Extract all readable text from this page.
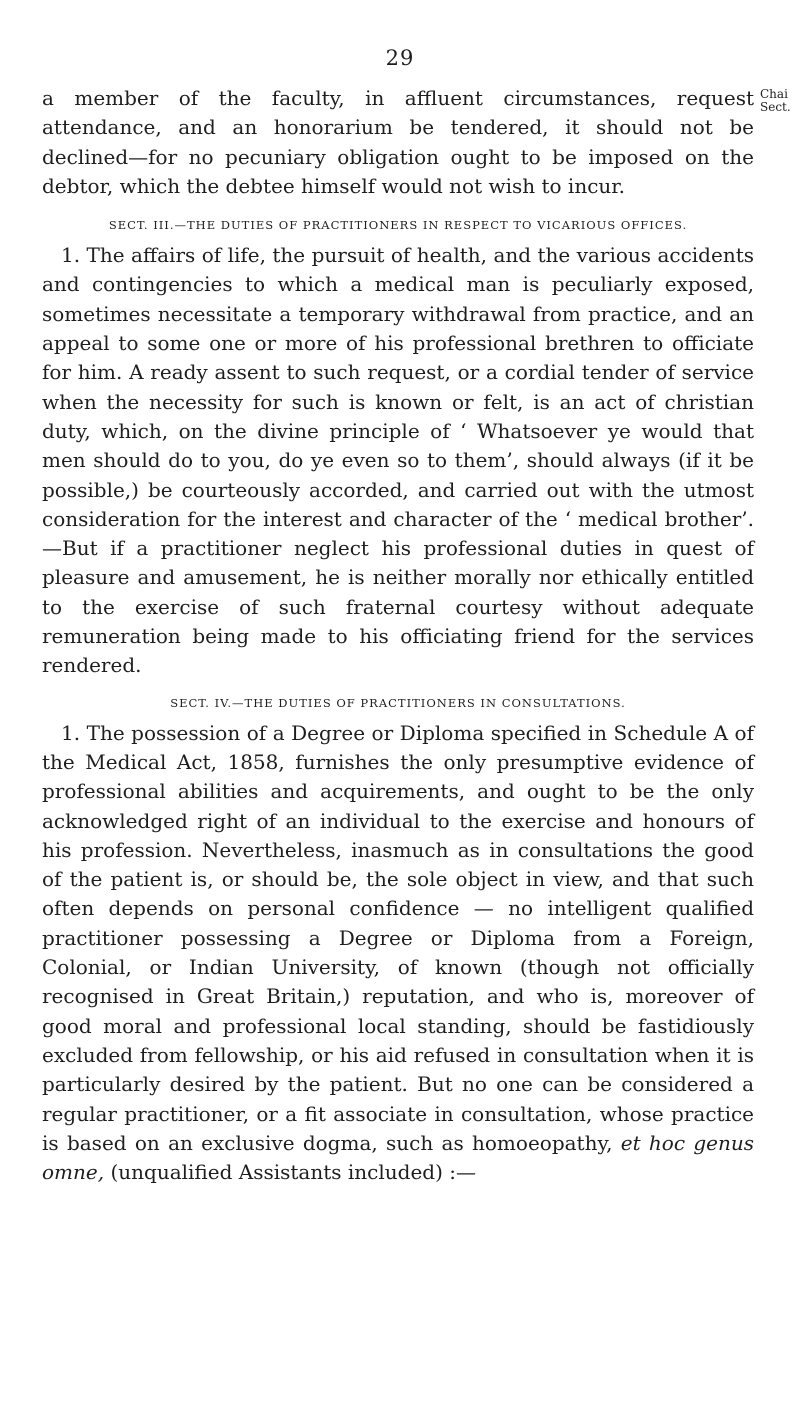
29
Chai
Sect.

a member of the faculty, in affluent circumstances, request attendance, and an honorarium be tendered, it should not be declined—for no pecuniary obligation ought to be imposed on the debtor, which the debtee himself would not wish to incur.

SECT. III.—THE DUTIES OF PRACTITIONERS IN RESPECT TO VICARIOUS OFFICES.

1. The affairs of life, the pursuit of health, and the various accidents and contingencies to which a medical man is peculiarly exposed, sometimes necessitate a temporary withdrawal from practice, and an appeal to some one or more of his professional brethren to officiate for him. A ready assent to such request, or a cordial tender of service when the necessity for such is known or felt, is an act of christian duty, which, on the divine principle of ‘ Whatsoever ye would that men should do to you, do ye even so to them’, should always (if it be possible,) be courteously accorded, and carried out with the utmost consideration for the interest and character of the ‘ medical brother’.—But if a practitioner neglect his professional duties in quest of pleasure and amusement, he is neither morally nor ethically entitled to the exercise of such fraternal courtesy without adequate remuneration being made to his officiating friend for the services rendered.

SECT. IV.—THE DUTIES OF PRACTITIONERS IN CONSULTATIONS.

1. The possession of a Degree or Diploma specified in Schedule A of the Medical Act, 1858, furnishes the only presumptive evidence of professional abilities and acquirements, and ought to be the only acknowledged right of an individual to the exercise and honours of his profession. Nevertheless, inasmuch as in consultations the good of the patient is, or should be, the sole object in view, and that such often depends on personal confidence — no intelligent qualified practitioner possessing a Degree or Diploma from a Foreign, Colonial, or Indian University, of known (though not officially recognised in Great Britain,) reputation, and who is, moreover of good moral and professional local standing, should be fastidiously excluded from fellowship, or his aid refused in consultation when it is particularly desired by the patient. But no one can be considered a regular practitioner, or a fit associate in consultation, whose practice is based on an exclusive dogma, such as homoeopathy, et hoc genus omne, (unqualified Assistants included) :—
